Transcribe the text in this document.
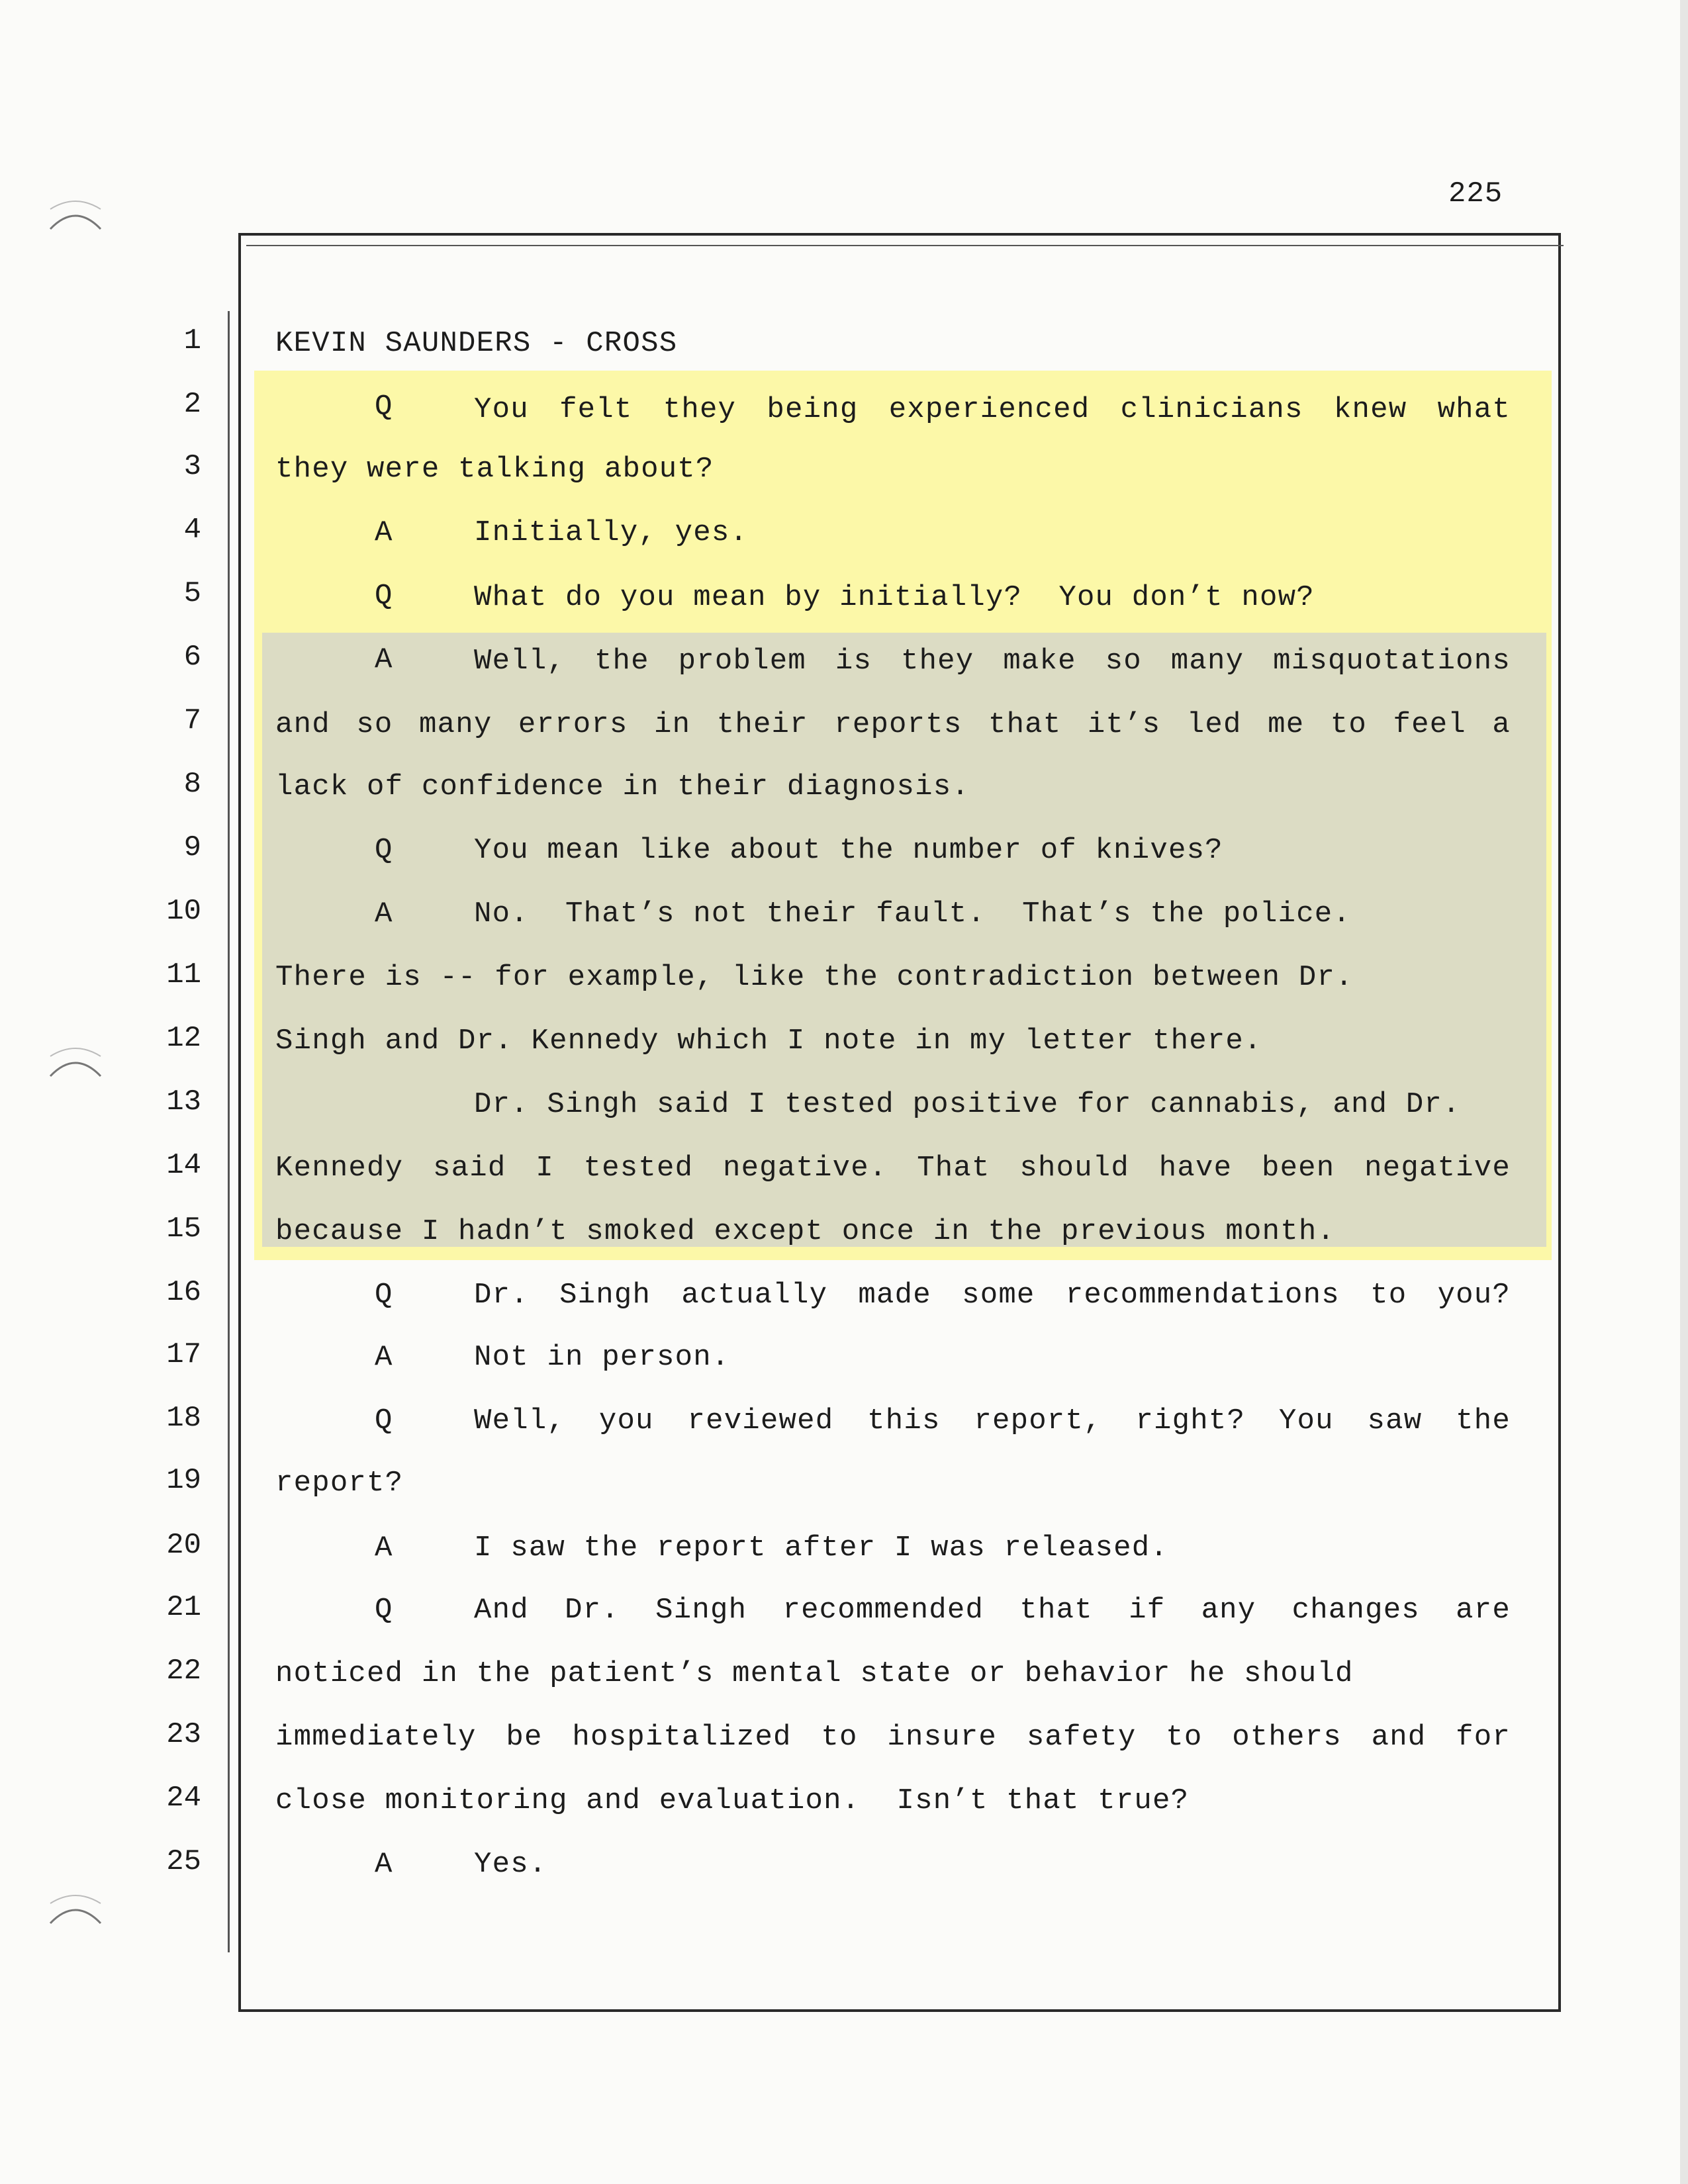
225
1
2
3
4
5
6
7
8
9
10
11
12
13
14
15
16
17
18
19
20
21
22
23
24
25
KEVIN SAUNDERS - CROSS
Q	You felt they being experienced clinicians knew what
they were talking about?
A	Initially, yes.
Q	What do you mean by initially?  You don’t now?
A	Well, the problem is they make so many misquotations
and so many errors in their reports that it’s led me to feel a
lack of confidence in their diagnosis.
Q	You mean like about the number of knives?
A	No.  That’s not their fault.  That’s the police.
There is -- for example, like the contradiction between Dr.
Singh and Dr. Kennedy which I note in my letter there.
Dr. Singh said I tested positive for cannabis, and Dr.
Kennedy said I tested negative. That should have been negative
because I hadn’t smoked except once in the previous month.
Q	Dr. Singh actually made some recommendations to you?
A	Not in person.
Q	Well, you reviewed this report, right? You saw the
report?
A	I saw the report after I was released.
Q	And Dr. Singh recommended that if any changes are
noticed in the patient’s mental state or behavior he should
immediately be hospitalized to insure safety to others and for
close monitoring and evaluation.  Isn’t that true?
A	Yes.
